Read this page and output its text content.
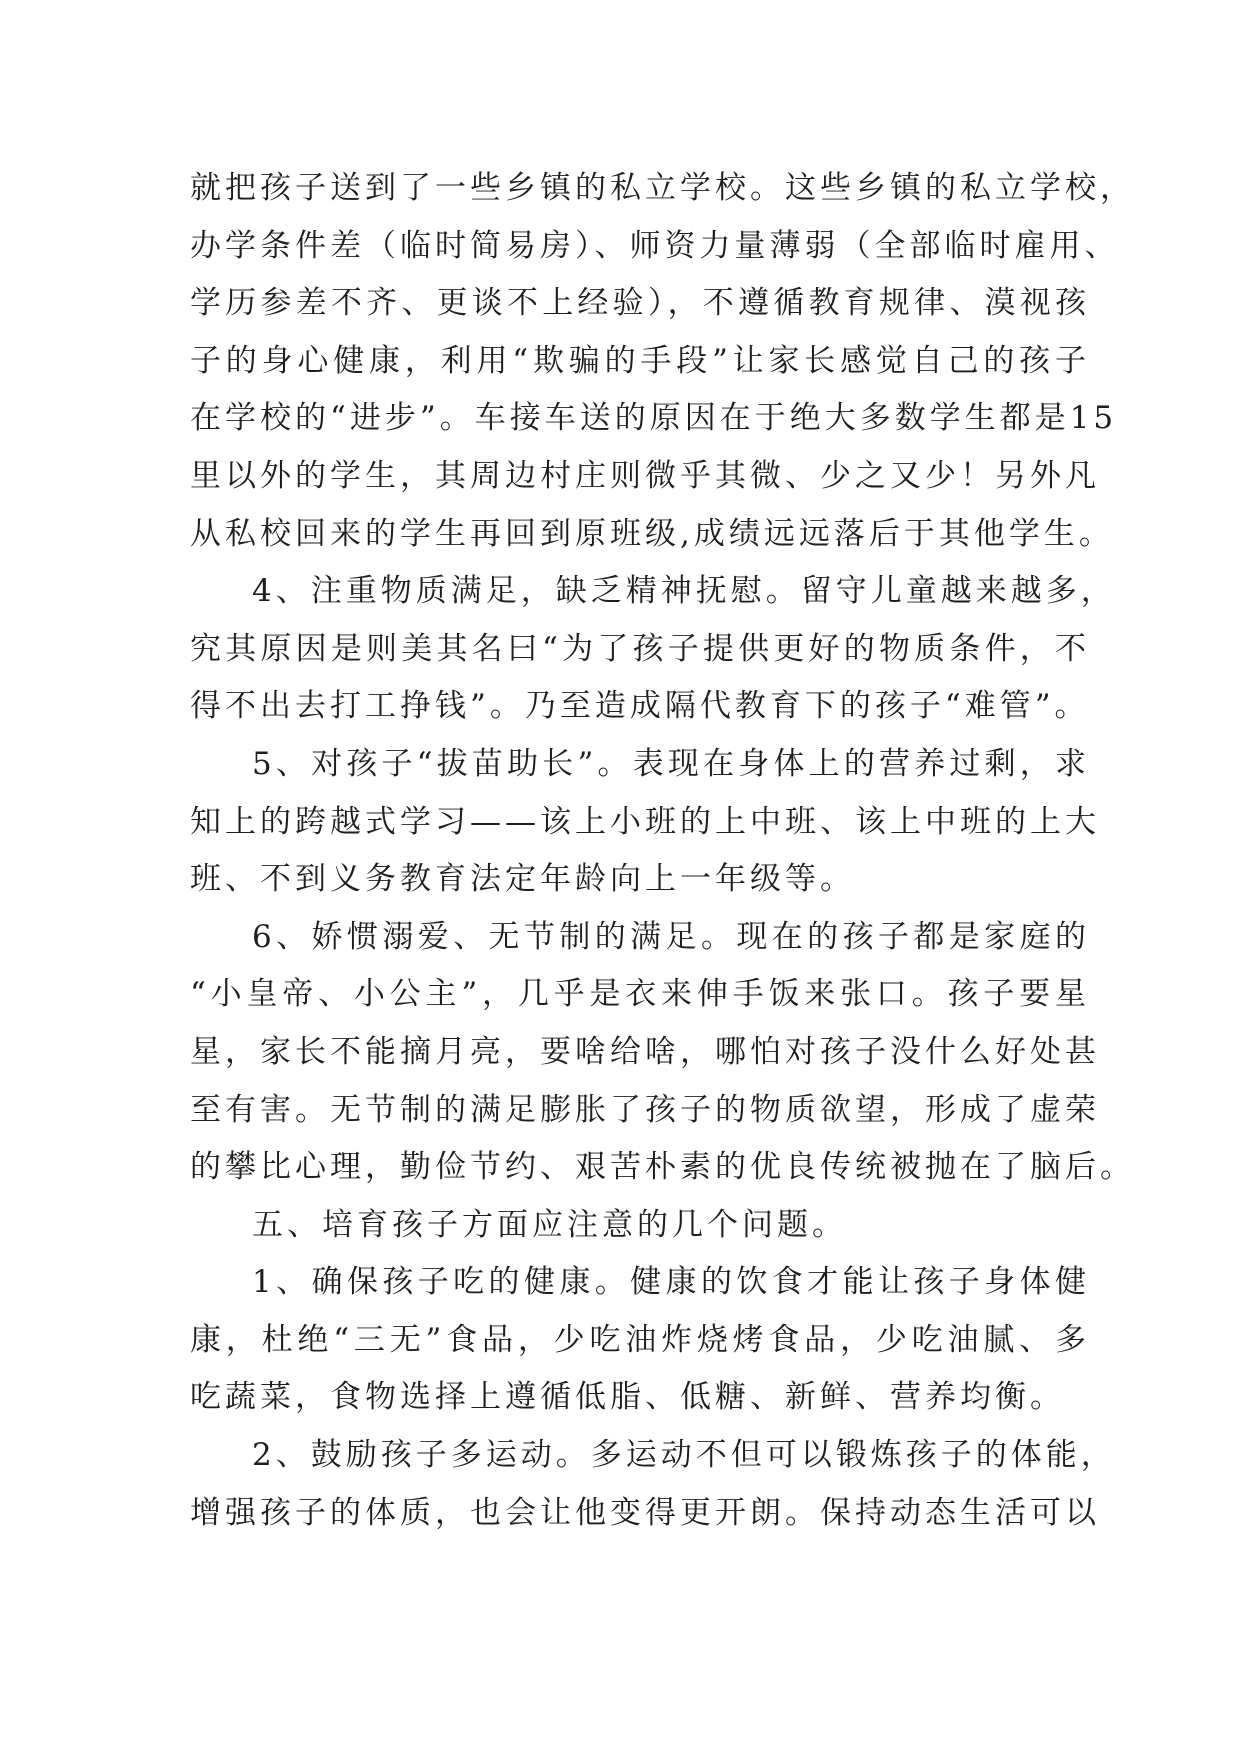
就把孩子送到了一些乡镇的私立学校。这些乡镇的私立学校，
办学条件差（临时简易房）、师资力量薄弱（全部临时雇用、
学历参差不齐、更谈不上经验），不遵循教育规律、漠视孩
子的身心健康，利用“欺骗的手段”让家长感觉自己的孩子
在学校的“进步”。车接车送的原因在于绝大多数学生都是15
里以外的学生，其周边村庄则微乎其微、少之又少！另外凡
从私校回来的学生再回到原班级,成绩远远落后于其他学生。
4、注重物质满足，缺乏精神抚慰。留守儿童越来越多，
究其原因是则美其名曰“为了孩子提供更好的物质条件，不
得不出去打工挣钱”。乃至造成隔代教育下的孩子“难管”。
5、对孩子“拔苗助长”。表现在身体上的营养过剩，求
知上的跨越式学习——该上小班的上中班、该上中班的上大
班、不到义务教育法定年龄向上一年级等。
6、娇惯溺爱、无节制的满足。现在的孩子都是家庭的
“小皇帝、小公主”，几乎是衣来伸手饭来张口。孩子要星
星，家长不能摘月亮，要啥给啥，哪怕对孩子没什么好处甚
至有害。无节制的满足膨胀了孩子的物质欲望，形成了虚荣
的攀比心理，勤俭节约、艰苦朴素的优良传统被抛在了脑后。
五、培育孩子方面应注意的几个问题。
1、确保孩子吃的健康。健康的饮食才能让孩子身体健
康，杜绝“三无”食品，少吃油炸烧烤食品，少吃油腻、多
吃蔬菜，食物选择上遵循低脂、低糖、新鲜、营养均衡。
2、鼓励孩子多运动。多运动不但可以锻炼孩子的体能，
增强孩子的体质，也会让他变得更开朗。保持动态生活可以
